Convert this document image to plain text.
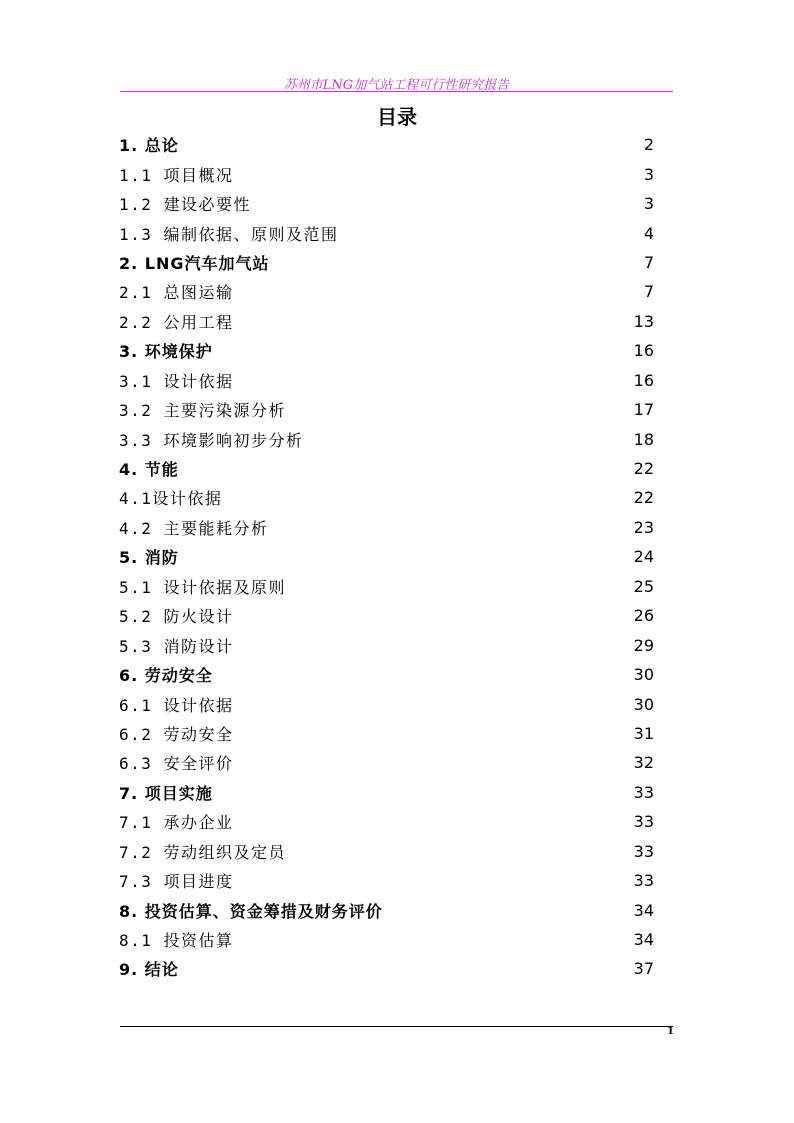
苏州市LNG加气站工程可行性研究报告
目录
1. 总论	2
1.1 项目概况	3
1.2 建设必要性	3
1.3 编制依据、原则及范围	4
2. LNG汽车加气站	7
2.1 总图运输	7
2.2 公用工程	13
3. 环境保护	16
3.1 设计依据	16
3.2 主要污染源分析	17
3.3 环境影响初步分析	18
4. 节能	22
4.1设计依据	22
4.2 主要能耗分析	23
5. 消防	24
5.1 设计依据及原则	25
5.2 防火设计	26
5.3 消防设计	29
6. 劳动安全	30
6.1 设计依据	30
6.2 劳动安全	31
6.3 安全评价	32
7. 项目实施	33
7.1 承办企业	33
7.2 劳动组织及定员	33
7.3 项目进度	33
8. 投资估算、资金筹措及财务评价	34
8.1 投资估算	34
9. 结论	37
1
